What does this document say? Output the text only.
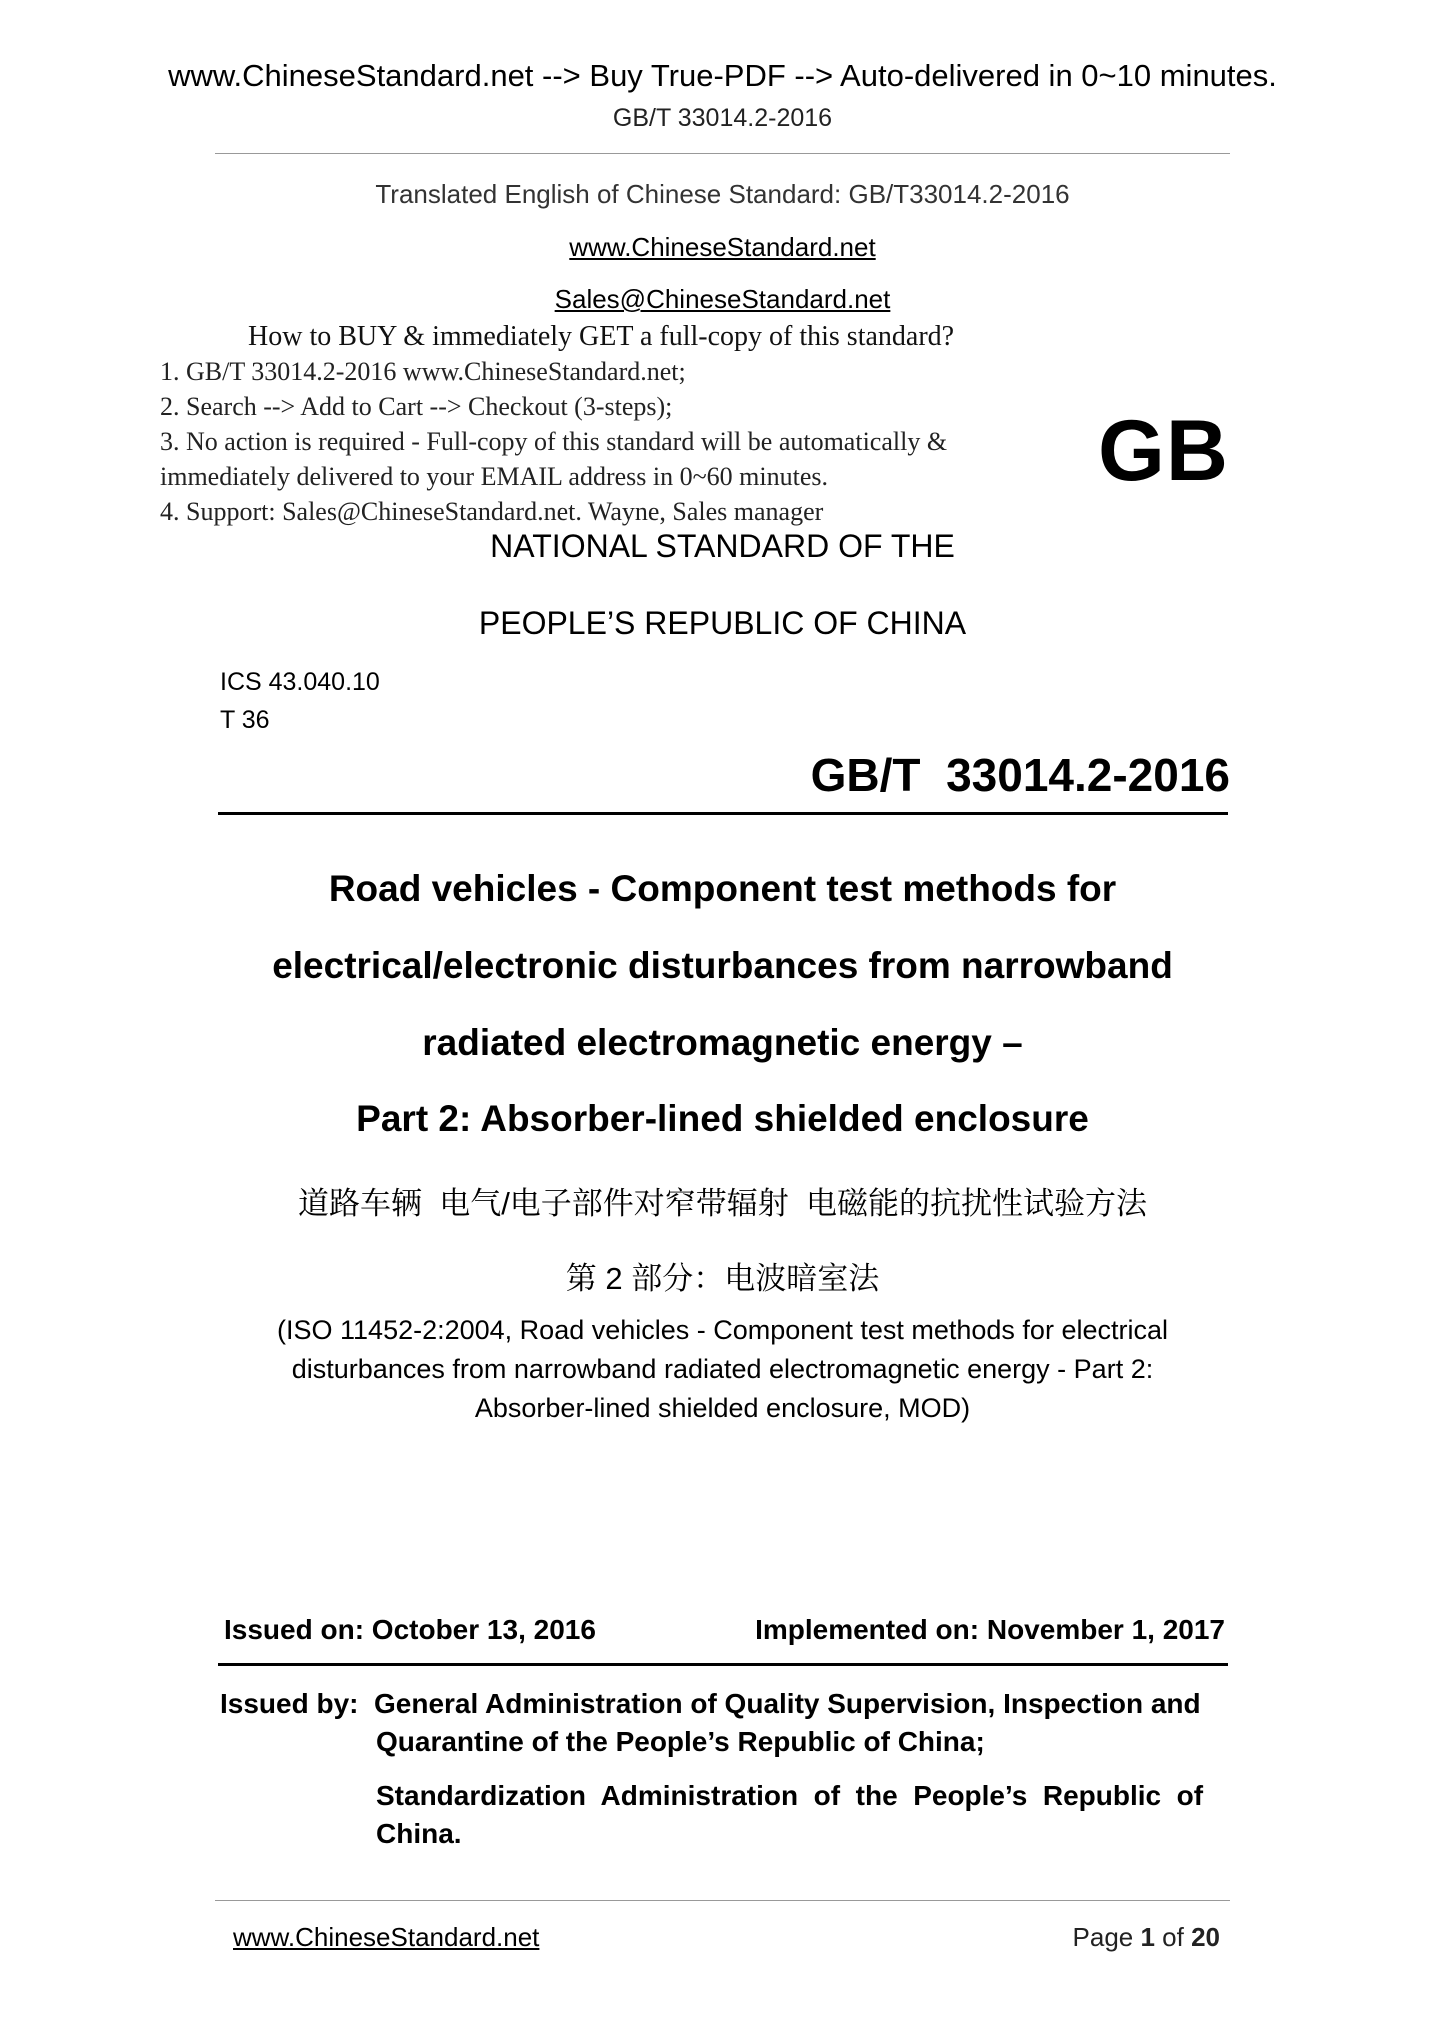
www.ChineseStandard.net --> Buy True-PDF --> Auto-delivered in 0~10 minutes.
GB/T 33014.2-2016
Translated English of Chinese Standard: GB/T33014.2-2016
www.ChineseStandard.net
Sales@ChineseStandard.net
How to BUY & immediately GET a full-copy of this standard?
1. GB/T 33014.2-2016 www.ChineseStandard.net;
2. Search --> Add to Cart --> Checkout (3-steps);
3. No action is required - Full-copy of this standard will be automatically &
immediately delivered to your EMAIL address in 0~60 minutes.
4. Support: Sales@ChineseStandard.net. Wayne, Sales manager
GB
NATIONAL STANDARD OF THE
PEOPLE’S REPUBLIC OF CHINA
ICS 43.040.10
T 36
GB/T  33014.2-2016
Road vehicles - Component test methods for
electrical/electronic disturbances from narrowband
radiated electromagnetic energy –
Part 2: Absorber-lined shielded enclosure
道路车辆  电气/电子部件对窄带辐射  电磁能的抗扰性试验方法
第 2 部分：电波暗室法
(ISO 11452-2:2004, Road vehicles - Component test methods for electrical
disturbances from narrowband radiated electromagnetic energy - Part 2:
Absorber-lined shielded enclosure, MOD)
Issued on: October 13, 2016	Implemented on: November 1, 2017
Issued by: General Administration of Quality Supervision, Inspection and
Quarantine of the People’s Republic of China;
Standardization  Administration  of  the  People’s  Republic  of
China.
www.ChineseStandard.net	Page 1 of 20
